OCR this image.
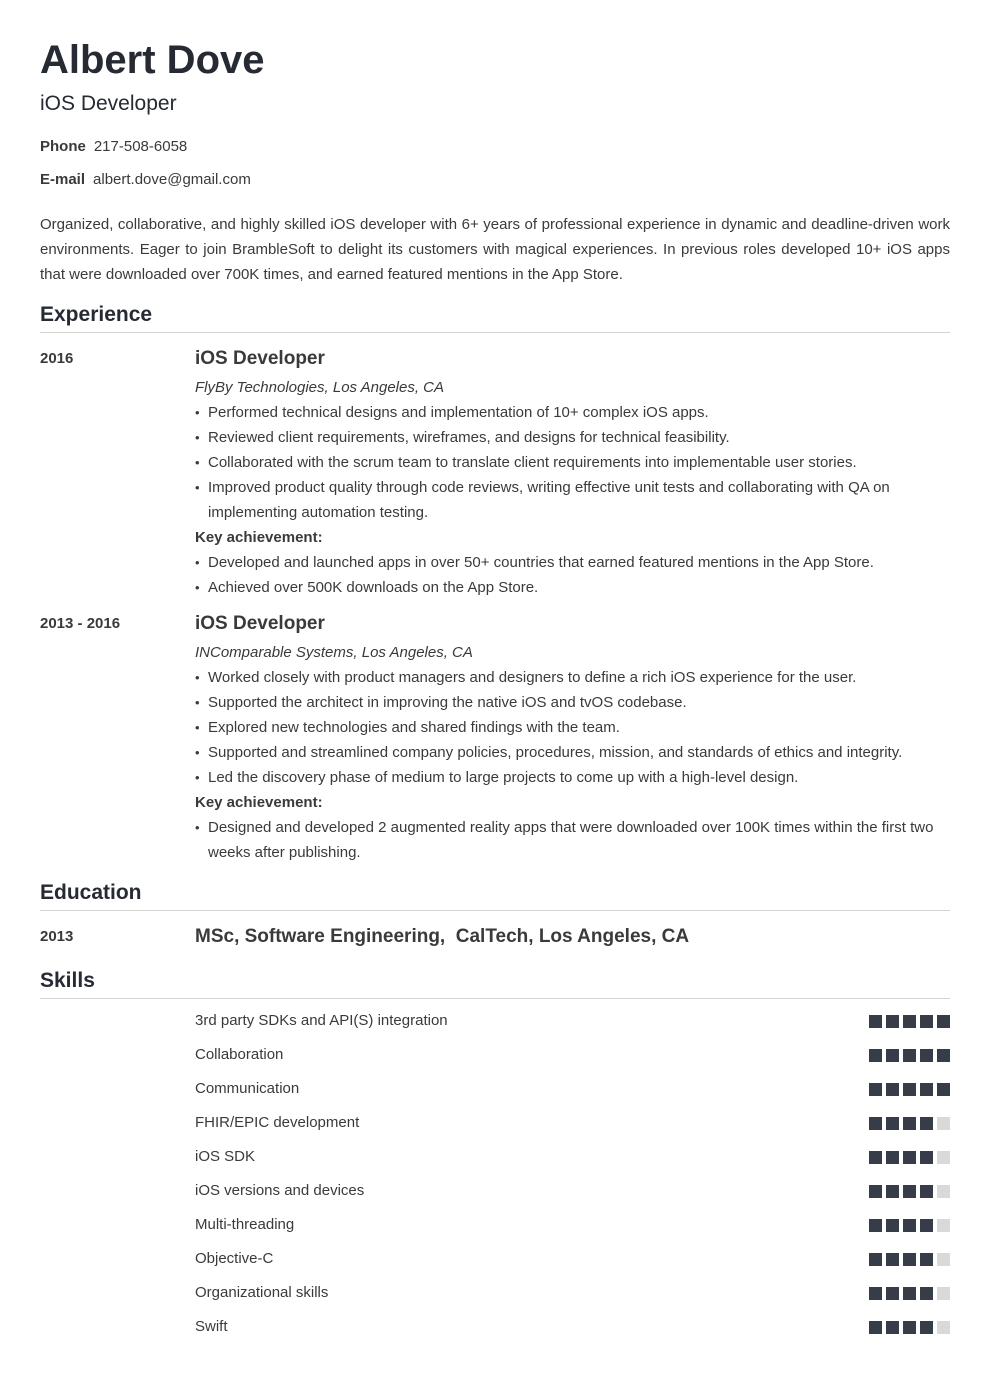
Albert Dove
iOS Developer
Phone 217-508-6058
E-mail albert.dove@gmail.com

Organized, collaborative, and highly skilled iOS developer with 6+ years of professional experience in dynamic and deadline-driven work environments. Eager to join BrambleSoft to delight its customers with magical experiences. In previous roles developed 10+ iOS apps that were downloaded over 700K times, and earned featured mentions in the App Store.

Experience
2016	iOS Developer
FlyBy Technologies, Los Angeles, CA
• Performed technical designs and implementation of 10+ complex iOS apps.
• Reviewed client requirements, wireframes, and designs for technical feasibility.
• Collaborated with the scrum team to translate client requirements into implementable user stories.
• Improved product quality through code reviews, writing effective unit tests and collaborating with QA on implementing automation testing.
Key achievement:
• Developed and launched apps in over 50+ countries that earned featured mentions in the App Store.
• Achieved over 500K downloads on the App Store.
2013 - 2016	iOS Developer
INComparable Systems, Los Angeles, CA
• Worked closely with product managers and designers to define a rich iOS experience for the user.
• Supported the architect in improving the native iOS and tvOS codebase.
• Explored new technologies and shared findings with the team.
• Supported and streamlined company policies, procedures, mission, and standards of ethics and integrity.
• Led the discovery phase of medium to large projects to come up with a high-level design.
Key achievement:
• Designed and developed 2 augmented reality apps that were downloaded over 100K times within the first two weeks after publishing.
Education
2013	MSc, Software Engineering,  CalTech, Los Angeles, CA
Skills
3rd party SDKs and API(S) integration
Collaboration
Communication
FHIR/EPIC development
iOS SDK
iOS versions and devices
Multi-threading
Objective-C
Organizational skills
Swift
